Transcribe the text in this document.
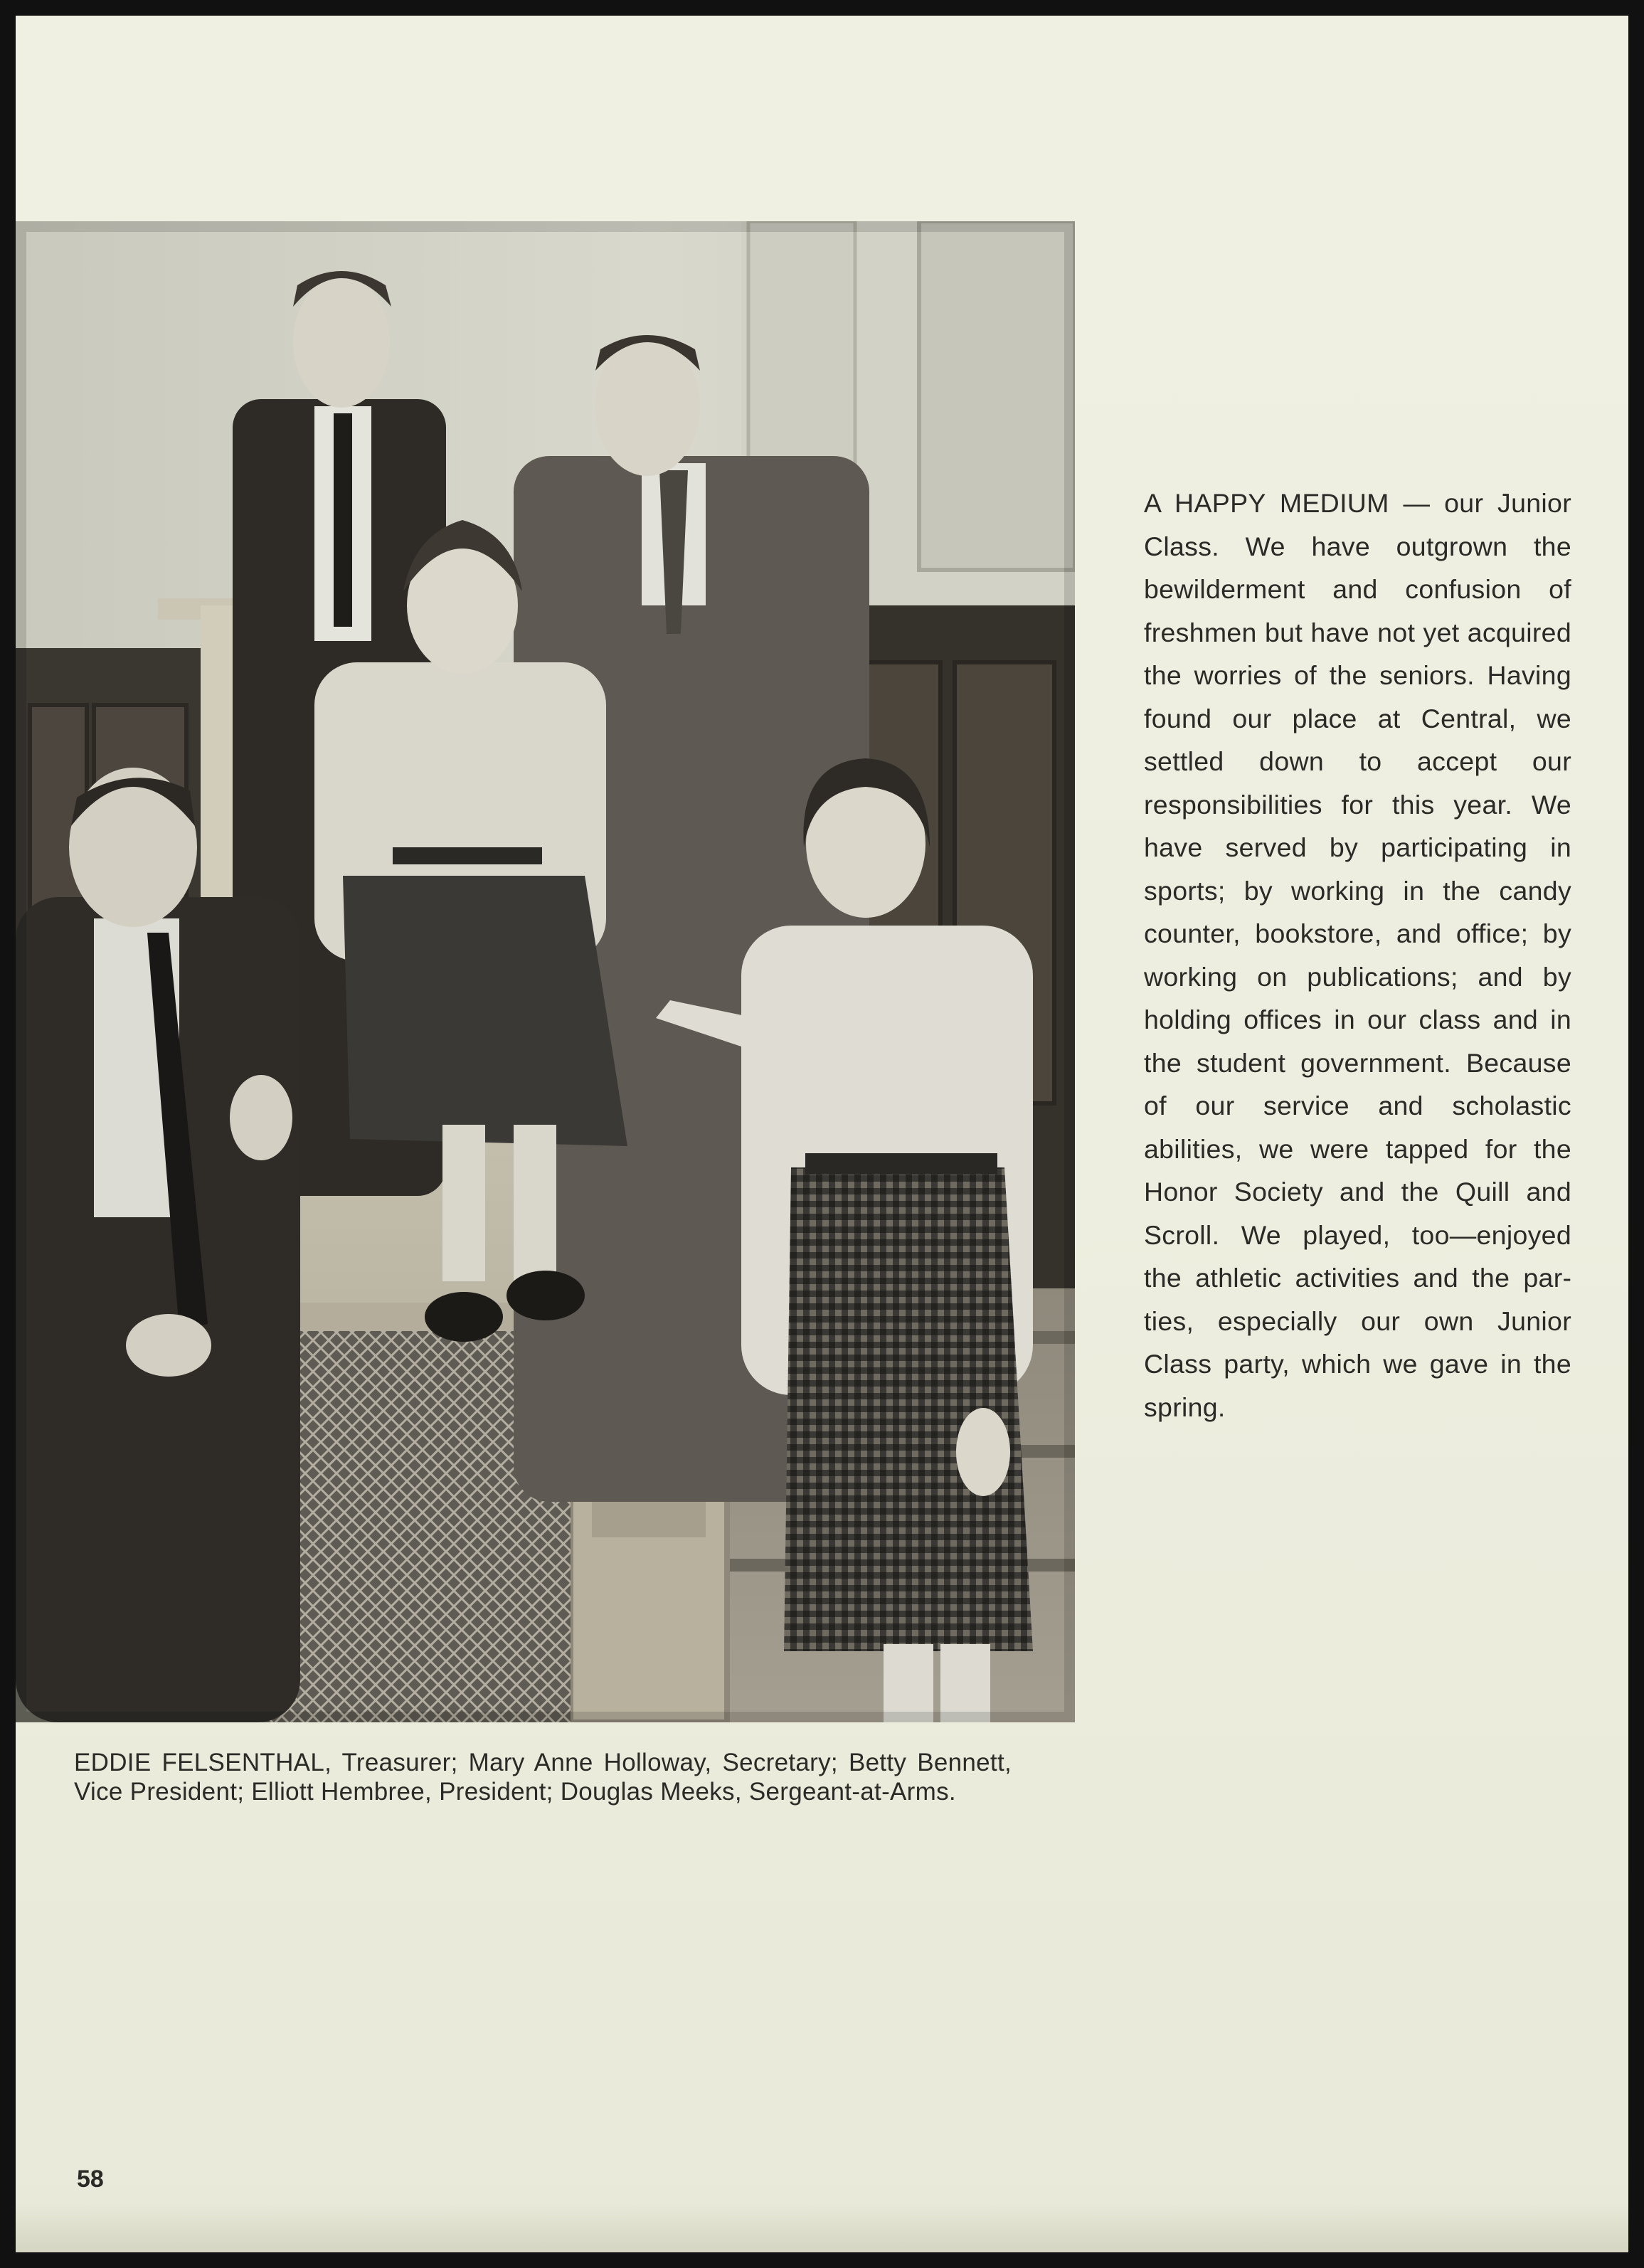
A HAPPY MEDIUM — our Junior Class. We have outgrown the bewilderment and confusion of freshmen but have not yet acquired the worries of the seniors. Having found our place at Central, we settled down to accept our responsibilities for this year. We have served by participating in sports; by working in the candy counter, bookstore, and office; by working on publications; and by holding offices in our class and in the student government. Because of our service and scholastic abilities, we were tapped for the Honor Society and the Quill and Scroll. We played, too—enjoyed the athletic activities and the parties, especially our own Junior Class party, which we gave in the spring.
EDDIE FELSENTHAL, Treasurer; Mary Anne Holloway, Secretary; Betty Bennett, Vice President; Elliott Hembree, President; Douglas Meeks, Sergeant-at-Arms.
58
